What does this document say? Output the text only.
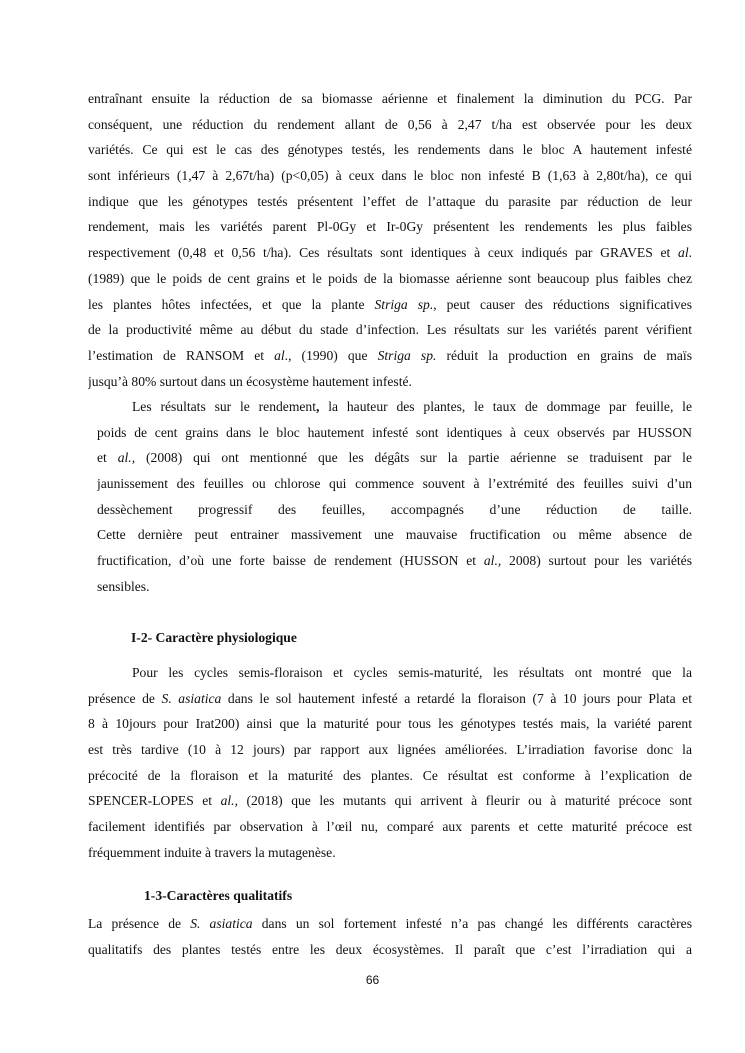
entraînant ensuite la réduction de sa biomasse aérienne et finalement la diminution du PCG. Par
conséquent, une réduction du rendement allant de 0,56 à 2,47 t/ha est observée pour les deux
variétés. Ce qui est le cas des génotypes testés, les rendements dans le bloc A hautement infesté
sont inférieurs (1,47 à 2,67t/ha) (p<0,05) à ceux dans le bloc non infesté B (1,63 à 2,80t/ha), ce qui
indique que les génotypes testés présentent l’effet de l’attaque du parasite par réduction de leur
rendement, mais les variétés parent Pl-0Gy et Ir-0Gy présentent les rendements les plus faibles
respectivement (0,48 et 0,56 t/ha). Ces résultats sont identiques à ceux indiqués par GRAVES et al.
(1989) que le poids de cent grains et le poids de la biomasse aérienne sont beaucoup plus faibles chez
les plantes hôtes infectées, et que la plante Striga sp., peut causer des réductions significatives
de la productivité même au début du stade d’infection. Les résultats sur les variétés parent vérifient
l’estimation de RANSOM et al., (1990) que Striga sp. réduit la production en grains de maïs
jusqu’à 80% surtout dans un écosystème hautement infesté.
Les résultats sur le rendement, la hauteur des plantes, le taux de dommage par feuille, le
poids de cent grains dans le bloc hautement infesté sont identiques à ceux observés par HUSSON
et al., (2008) qui ont mentionné que les dégâts sur la partie aérienne se traduisent par le
jaunissement des feuilles ou chlorose qui commence souvent à l’extrémité des feuilles suivi d’un
dessèchement progressif des feuilles, accompagnés d’une réduction de taille.
Cette dernière peut entrainer massivement une mauvaise fructification ou même absence de
fructification, d’où une forte baisse de rendement (HUSSON et al., 2008) surtout pour les variétés
sensibles.
I-2- Caractère physiologique
Pour les cycles semis-floraison et cycles semis-maturité, les résultats ont montré que la
présence de S. asiatica dans le sol hautement infesté a retardé la floraison (7 à 10 jours pour Plata et
8 à 10jours pour Irat200) ainsi que la maturité pour tous les génotypes testés mais, la variété parent
est très tardive (10 à 12 jours) par rapport aux lignées améliorées. L’irradiation favorise donc la
précocité de la floraison et la maturité des plantes. Ce résultat est conforme à l’explication de
SPENCER-LOPES et al., (2018) que les mutants qui arrivent à fleurir ou à maturité précoce sont
facilement identifiés par observation à l’œil nu, comparé aux parents et cette maturité précoce est
fréquemment induite à travers la mutagenèse.
1-3-Caractères qualitatifs
La présence de S. asiatica dans un sol fortement infesté n’a pas changé les différents caractères
qualitatifs des plantes testés entre les deux écosystèmes. Il paraît que c’est l’irradiation qui a
66
